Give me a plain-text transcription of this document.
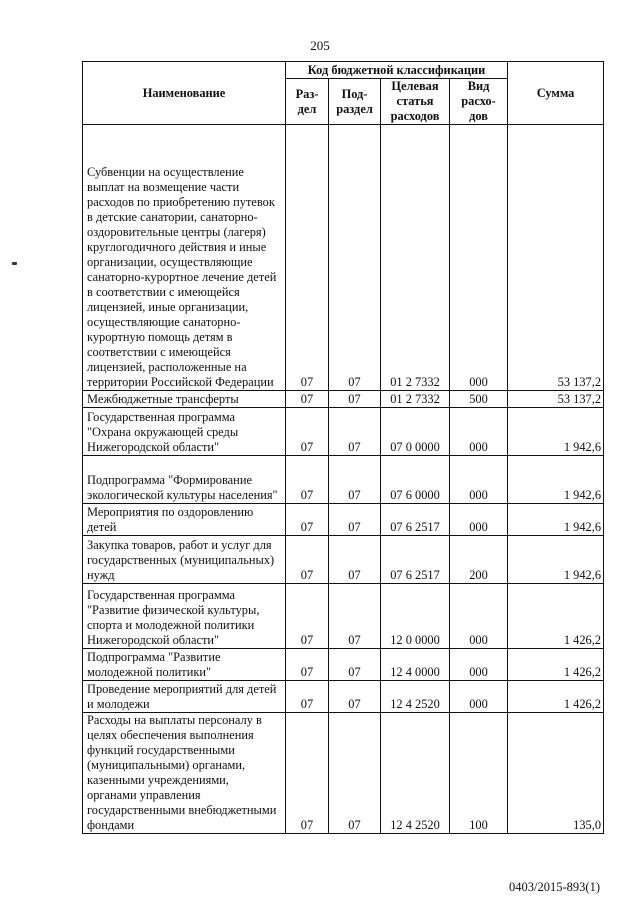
205
Наименование	Код бюджетной классификации				Сумма
	Раз-дел	Под-раздел	Целевая статья расходов	Вид расхо-дов	
Субвенции на осуществление выплат на возмещение части расходов по приобретению путевок в детские санатории, санаторно-оздоровительные центры (лагеря) круглогодичного действия и иные организации, осуществляющие санаторно-курортное лечение детей в соответствии с имеющейся лицензией, иные организации, осуществляющие санаторно-курортную помощь детям в соответствии с имеющейся лицензией, расположенные на территории Российской Федерации	07	07	01 2 7332	000	53 137,2
Межбюджетные трансферты	07	07	01 2 7332	500	53 137,2
Государственная программа "Охрана окружающей среды Нижегородской области"	07	07	07 0 0000	000	1 942,6
Подпрограмма "Формирование экологической культуры населения"	07	07	07 6 0000	000	1 942,6
Мероприятия по оздоровлению детей	07	07	07 6 2517	000	1 942,6
Закупка товаров, работ и услуг для государственных (муниципальных) нужд	07	07	07 6 2517	200	1 942,6
Государственная программа "Развитие физической культуры, спорта и молодежной политики Нижегородской области"	07	07	12 0 0000	000	1 426,2
Подпрограмма "Развитие молодежной политики"	07	07	12 4 0000	000	1 426,2
Проведение мероприятий для детей и молодежи	07	07	12 4 2520	000	1 426,2
Расходы на выплаты персоналу в целях обеспечения выполнения функций государственными (муниципальными) органами, казенными учреждениями, органами управления государственными внебюджетными фондами	07	07	12 4 2520	100	135,0
0403/2015-893(1)
